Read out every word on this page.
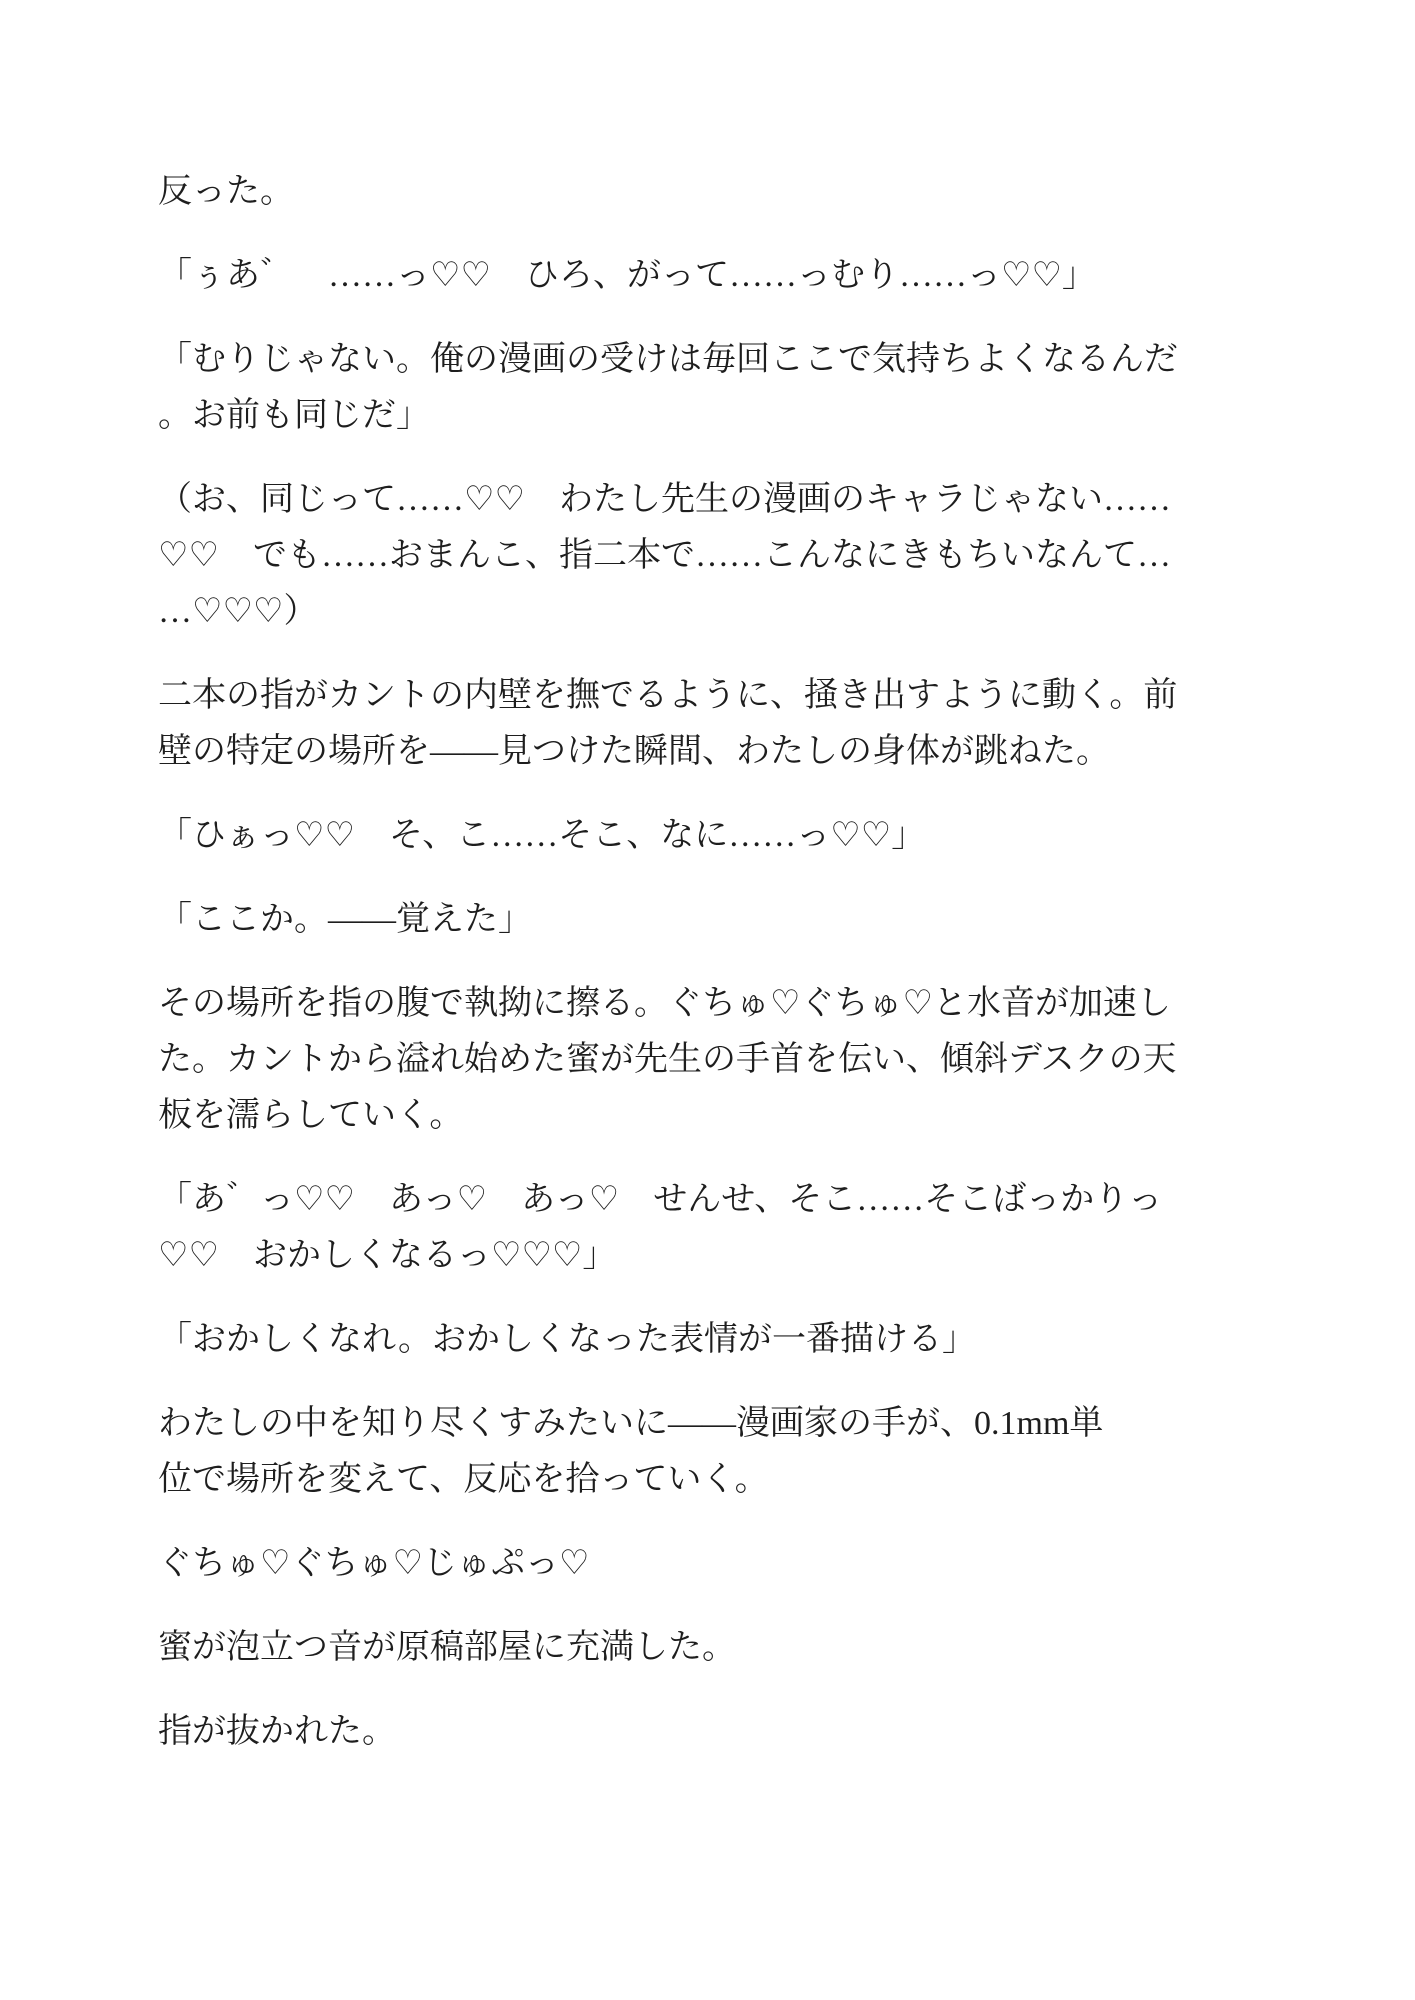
反った。

「ぅあ゛　……っ♡♡　ひろ、がって……っむり……っ♡♡」

「むりじゃない。俺の漫画の受けは毎回ここで気持ちよくなるんだ
。お前も同じだ」

（お、同じって……♡♡　わたし先生の漫画のキャラじゃない……
♡♡　でも……おまんこ、指二本で……こんなにきもちいなんて…
…♡♡♡）

二本の指がカントの内壁を撫でるように、掻き出すように動く。前
壁の特定の場所を——見つけた瞬間、わたしの身体が跳ねた。

「ひぁっ♡♡　そ、こ……そこ、なに……っ♡♡」

「ここか。——覚えた」

その場所を指の腹で執拗に擦る。ぐちゅ♡ぐちゅ♡と水音が加速し
た。カントから溢れ始めた蜜が先生の手首を伝い、傾斜デスクの天
板を濡らしていく。

「あ゛っ♡♡　あっ♡　あっ♡　せんせ、そこ……そこばっかりっ
♡♡　おかしくなるっ♡♡♡」

「おかしくなれ。おかしくなった表情が一番描ける」

わたしの中を知り尽くすみたいに——漫画家の手が、0.1mm単
位で場所を変えて、反応を拾っていく。

ぐちゅ♡ぐちゅ♡じゅぷっ♡

蜜が泡立つ音が原稿部屋に充満した。

指が抜かれた。
